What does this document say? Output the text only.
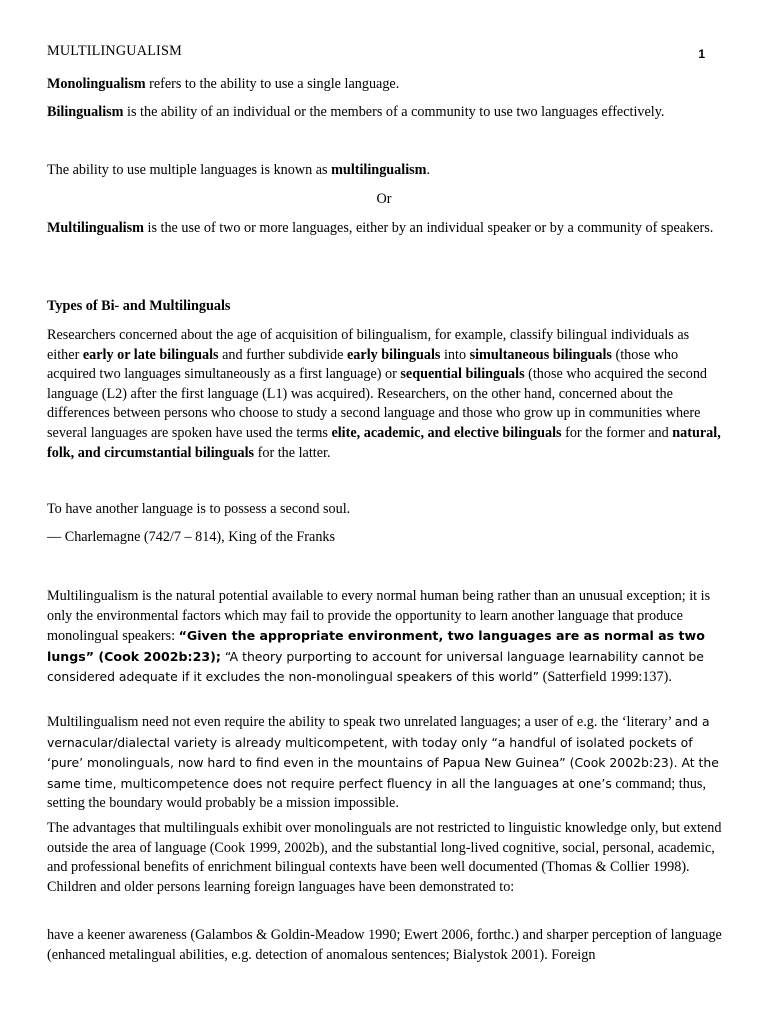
MULTILINGUALISM	1

Monolingualism refers to the ability to use a single language.

Bilingualism is the ability of an individual or the members of a community to use two languages effectively.

The ability to use multiple languages is known as multilingualism.

Or

Multilingualism is the use of two or more languages, either by an individual speaker or by a community of speakers.

Types of Bi- and Multilinguals

Researchers concerned about the age of acquisition of bilingualism, for example, classify bilingual individuals as either early or late bilinguals and further subdivide early bilinguals into simultaneous bilinguals (those who acquired two languages simultaneously as a first language) or sequential bilinguals (those who acquired the second language (L2) after the first language (L1) was acquired). Researchers, on the other hand, concerned about the differences between persons who choose to study a second language and those who grow up in communities where several languages are spoken have used the terms elite, academic, and elective bilinguals for the former and natural, folk, and circumstantial bilinguals for the latter.

To have another language is to possess a second soul.

— Charlemagne (742/7 – 814), King of the Franks

Multilingualism is the natural potential available to every normal human being rather than an unusual exception; it is only the environmental factors which may fail to provide the opportunity to learn another language that produce monolingual speakers: “Given the appropriate environment, two languages are as normal as two lungs” (Cook 2002b:23); “A theory purporting to account for universal language learnability cannot be considered adequate if it excludes the non-monolingual speakers of this world” (Satterfield 1999:137).

Multilingualism need not even require the ability to speak two unrelated languages; a user of e.g. the ‘literary’ and a vernacular/dialectal variety is already multicompetent, with today only “a handful of isolated pockets of ‘pure’ monolinguals, now hard to find even in the mountains of Papua New Guinea” (Cook 2002b:23). At the same time, multicompetence does not require perfect fluency in all the languages at one’s command; thus, setting the boundary would probably be a mission impossible.

The advantages that multilinguals exhibit over monolinguals are not restricted to linguistic knowledge only, but extend outside the area of language (Cook 1999, 2002b), and the substantial long-lived cognitive, social, personal, academic, and professional benefits of enrichment bilingual contexts have been well documented (Thomas & Collier 1998). Children and older persons learning foreign languages have been demonstrated to:

have a keener awareness (Galambos & Goldin-Meadow 1990; Ewert 2006, forthc.) and sharper perception of language (enhanced metalingual abilities, e.g. detection of anomalous sentences; Bialystok 2001). Foreign
